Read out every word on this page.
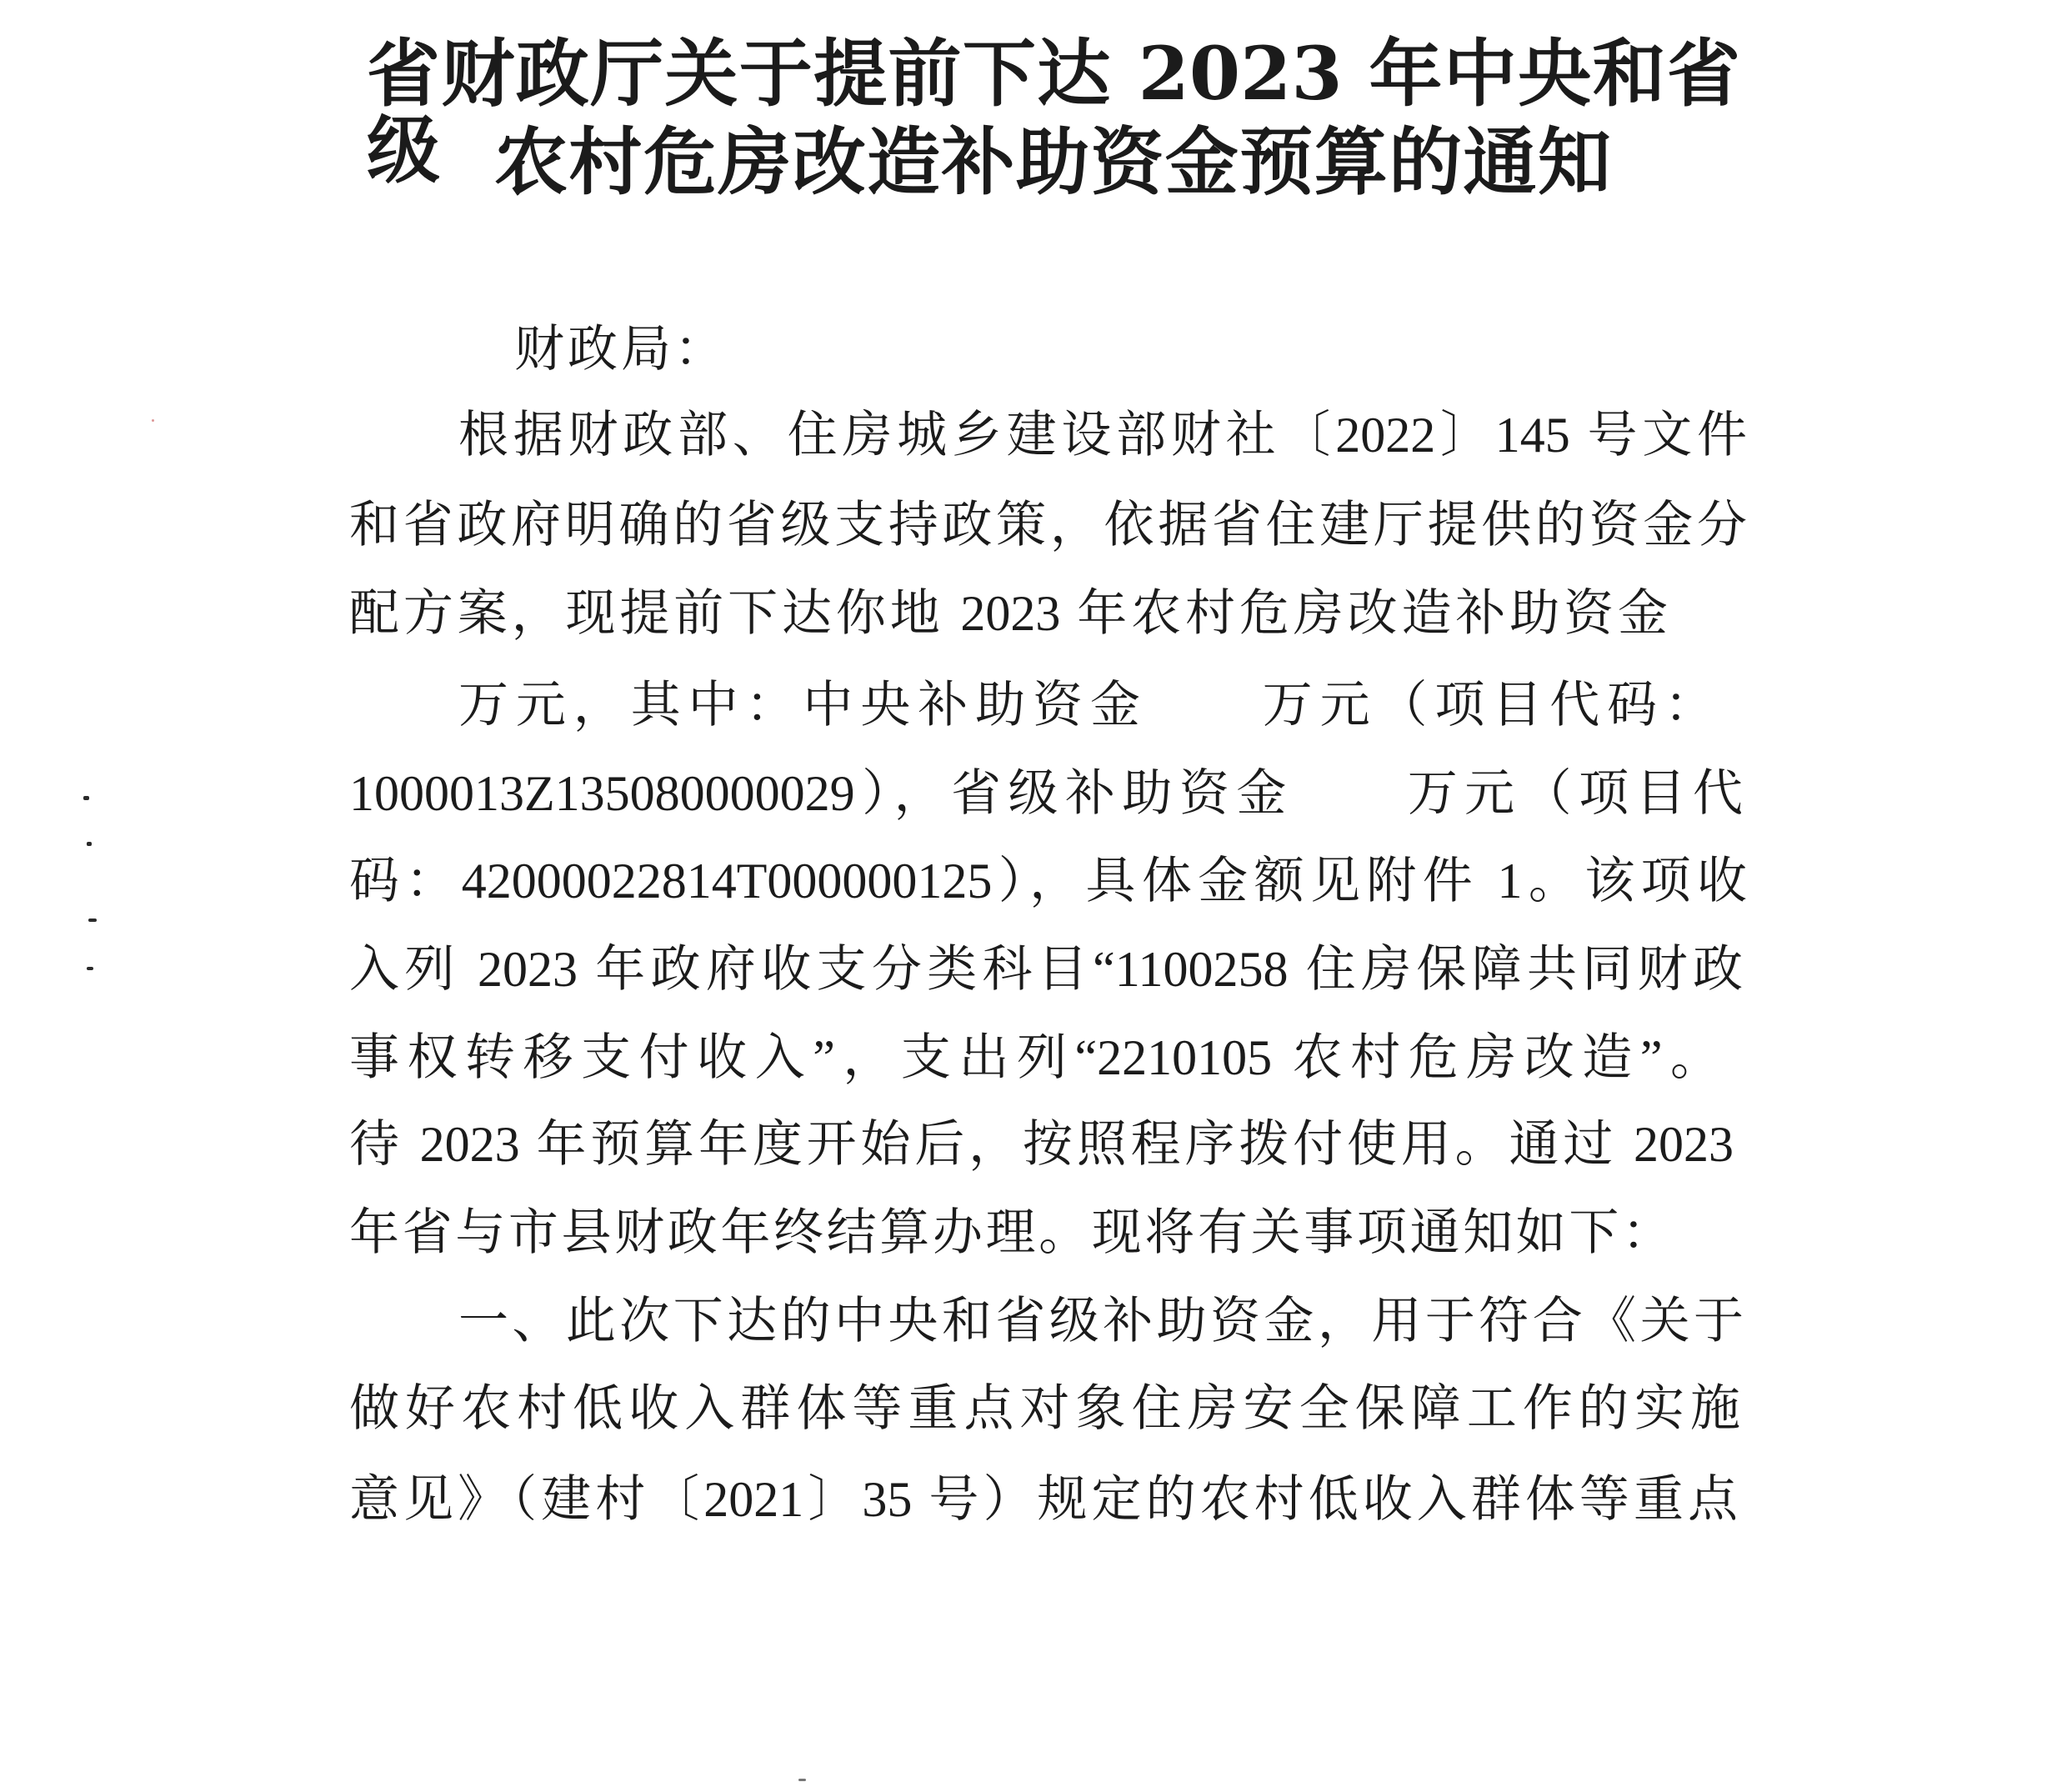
省财政厅关于提前下达 2023 年中央和省级 农村危房改造补助资金预算的通知
财政局：
根据财政部、住房城乡建设部财社〔2022〕145 号文件
和省政府明确的省级支持政策，依据省住建厅提供的资金分
配方案，现提前下达你地 2023 年农村危房改造补助资金
万元，其中：中央补助资金　　万元（项目代码：
1000013Z135080000029），省级补助资金　　万元（项目代
码：42000022814T000000125），具体金额见附件 1。该项收
入列 2023 年政府收支分类科目“1100258 住房保障共同财政
事权转移支付收入”，支出列“2210105 农村危房改造”。
待 2023 年预算年度开始后，按照程序拨付使用。通过 2023
年省与市县财政年终结算办理。现将有关事项通知如下：
一、此次下达的中央和省级补助资金，用于符合《关于
做好农村低收入群体等重点对象住房安全保障工作的实施
意见》（建村〔2021〕35 号）规定的农村低收入群体等重点
